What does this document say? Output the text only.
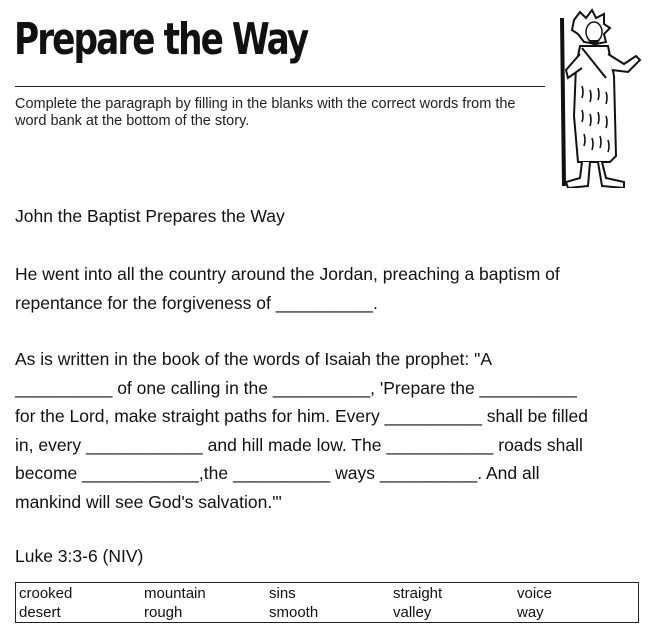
Prepare the Way
Complete the paragraph by filling in the blanks with the correct words from the word bank at the bottom of the story.
John the Baptist Prepares the Way
He went into all the country around the Jordan, preaching a baptism of
repentance for the forgiveness of __________.
As is written in the book of the words of Isaiah the prophet: "A
__________ of one calling in the __________, 'Prepare the __________
for the Lord, make straight paths for him. Every __________ shall be filled
in, every ____________ and hill made low. The ___________ roads shall
become ____________,the __________ ways __________. And all
mankind will see God's salvation.'"
Luke 3:3-6 (NIV)
crooked	mountain	sins	straight	voice
desert	rough	smooth	valley	way
